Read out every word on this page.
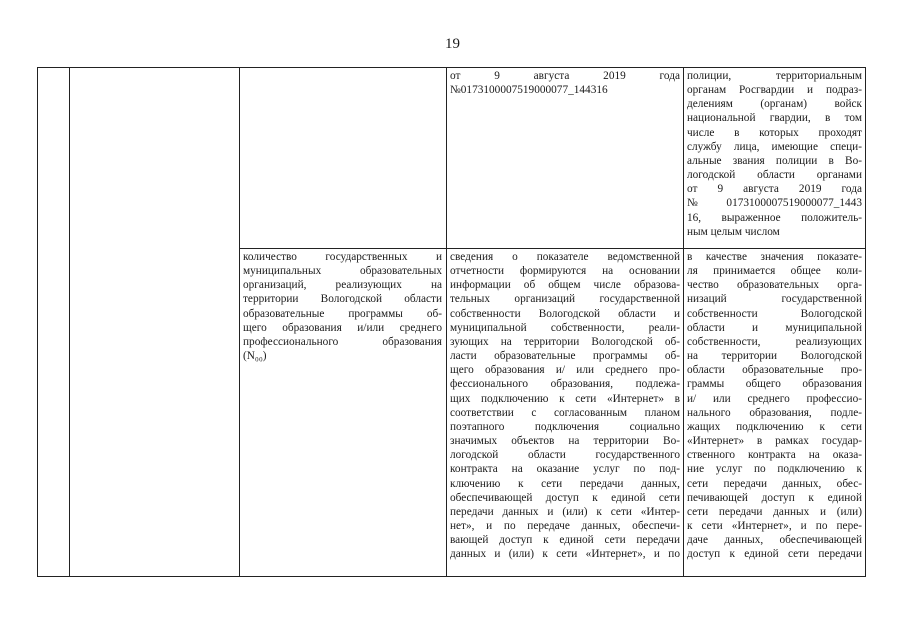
19
от 9 августа 2019 года
№0173100007519000077_144316
полиции, территориальным
органам Росгвардии и подраз-
делениям (органам) войск
национальной гвардии, в том
числе в которых проходят
службу лица, имеющие специ-
альные звания полиции в Во-
логодской области органами
от 9 августа 2019 года
№0173100007519000077_1443
16, выраженное положитель-
ным целым числом
количество государственных и
муниципальных образовательных
организаций, реализующих на
территории Вологодской области
образовательные программы об-
щего образования и/или среднего
профессионального образования
(N₀₀)
сведения о показателе ведомственной
отчетности формируются на основании
информации об общем числе образова-
тельных организаций государственной
собственности Вологодской области и
муниципальной собственности, реали-
зующих на территории Вологодской об-
ласти образовательные программы об-
щего образования и/ или среднего про-
фессионального образования, подлежа-
щих подключению к сети «Интернет» в
соответствии с согласованным планом
поэтапного подключения социально
значимых объектов на территории Во-
логодской области государственного
контракта на оказание услуг по под-
ключению к сети передачи данных,
обеспечивающей доступ к единой сети
передачи данных и (или) к сети «Интер-
нет», и по передаче данных, обеспечи-
вающей доступ к единой сети передачи
данных и (или) к сети «Интернет», и по
в качестве значения показате-
ля принимается общее коли-
чество образовательных орга-
низаций государственной
собственности Вологодской
области и муниципальной
собственности, реализующих
на территории Вологодской
области образовательные про-
граммы общего образования
и/ или среднего профессио-
нального образования, подле-
жащих подключению к сети
«Интернет» в рамках государ-
ственного контракта на оказа-
ние услуг по подключению к
сети передачи данных, обес-
печивающей доступ к единой
сети передачи данных и (или)
к сети «Интернет», и по пере-
даче данных, обеспечивающей
доступ к единой сети передачи
